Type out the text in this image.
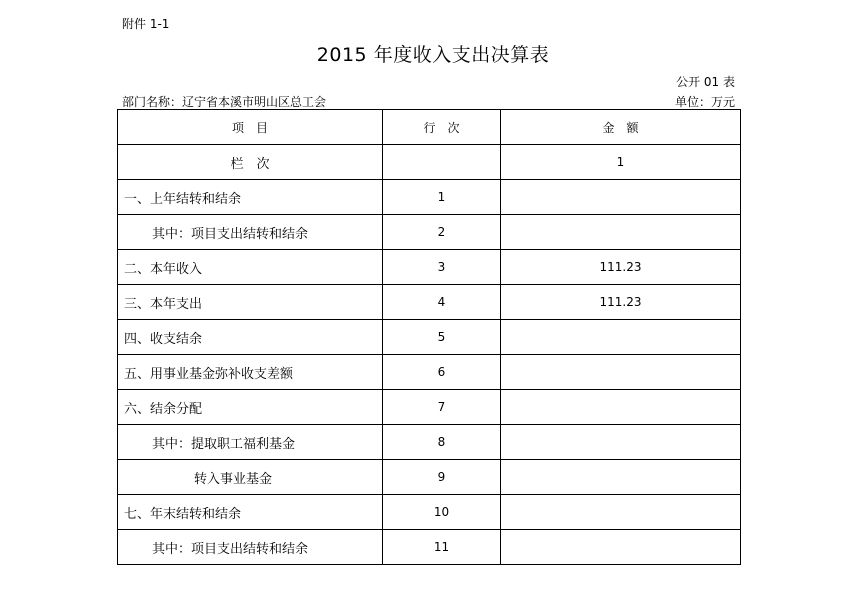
附件 1-1
2015 年度收入支出决算表
公开 01 表
部门名称：辽宁省本溪市明山区总工会	单位：万元
项　目	行　次	金　额
栏　次		1
一、上年结转和结余	1	
其中：项目支出结转和结余	2	
二、本年收入	3	111.23
三、本年支出	4	111.23
四、收支结余	5	
五、用事业基金弥补收支差额	6	
六、结余分配	7	
其中：提取职工福利基金	8	
转入事业基金	9	
七、年末结转和结余	10	
其中：项目支出结转和结余	11	
